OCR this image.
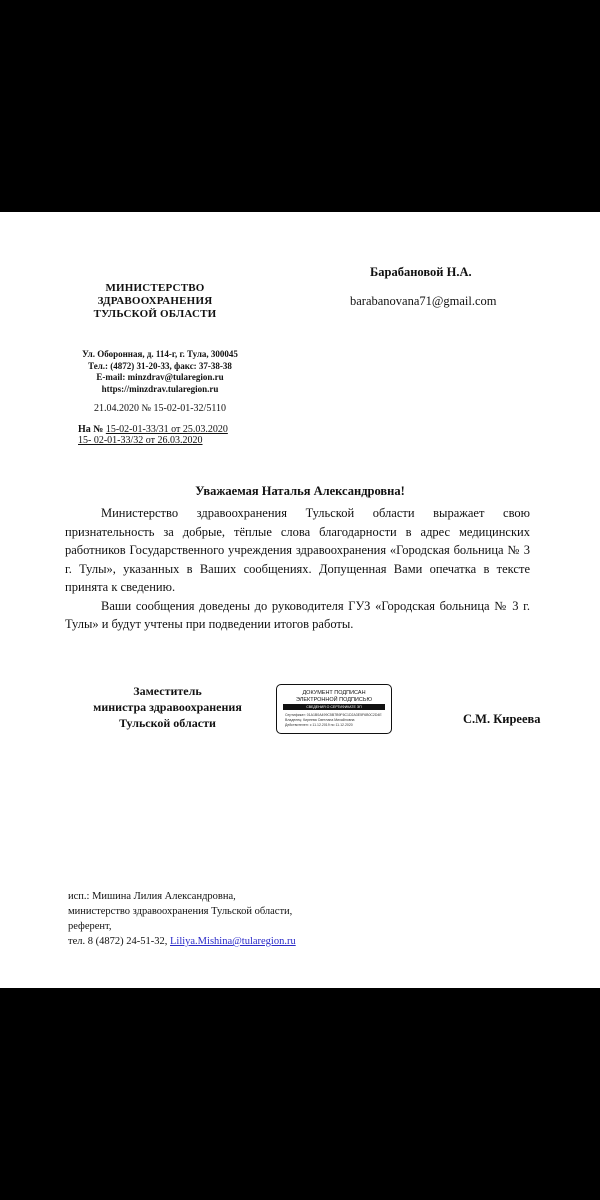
МИНИСТЕРСТВО
ЗДРАВООХРАНЕНИЯ
ТУЛЬСКОЙ ОБЛАСТИ
Ул. Оборонная, д. 114-г, г. Тула, 300045
Тел.: (4872) 31-20-33, факс: 37-38-38
E-mail: minzdrav@tularegion.ru
https://minzdrav.tularegion.ru
21.04.2020 № 15-02-01-32/5110
На № 15-02-01-33/31 от 25.03.2020
15- 02-01-33/32 от 26.03.2020
Барабановой Н.А.
barabanovana71@gmail.com
Уважаемая Наталья Александровна!

Министерство здравоохранения Тульской области выражает свою признательность за добрые, тёплые слова благодарности в адрес медицинских работников Государственного учреждения здравоохранения «Городская больница № 3 г. Тулы», указанных в Ваших сообщениях. Допущенная Вами опечатка в тексте принята к сведению.

Ваши сообщения доведены до руководителя ГУЗ «Городская больница № 3 г. Тулы» и будут учтены при подведении итогов работы.

Заместитель
министра здравоохранения
Тульской области
ДОКУМЕНТ ПОДПИСАН
ЭЛЕКТРОННОЙ ПОДПИСЬЮ
СВЕДЕНИЯ О СЕРТИФИКАТЕ ЭП
Сертификат: 01A1B0A499C5B7B9F6C1D2A3E5F6B0C2D4E
Владелец: Киреева Светлана Михайловна
Действителен: с 11.12.2019 по 11.12.2020	С.М. Киреева
исп.: Мишина Лилия Александровна,
министерство здравоохранения Тульской области,
референт,
тел. 8 (4872) 24-51-32, Liliya.Mishina@tularegion.ru
